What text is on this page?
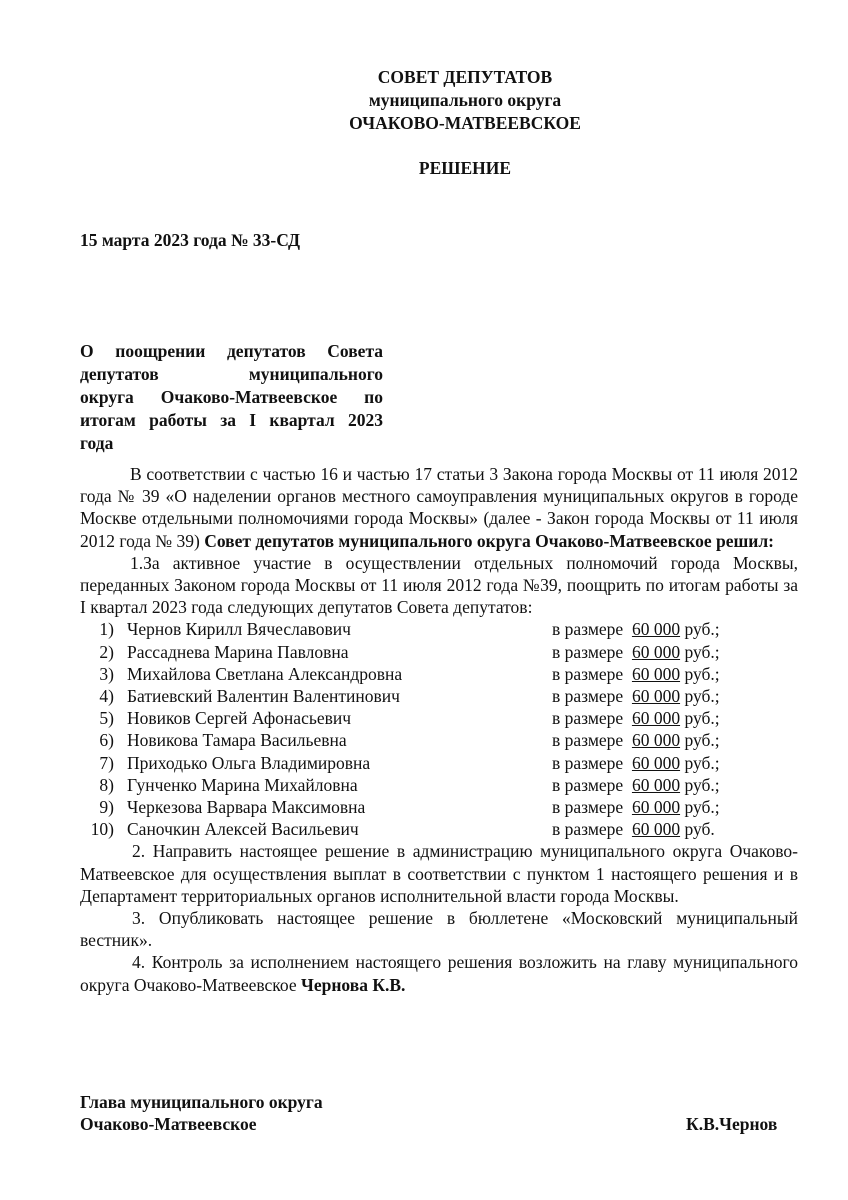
СОВЕТ ДЕПУТАТОВ
муниципального округа
ОЧАКОВО-МАТВЕЕВСКОЕ
РЕШЕНИЕ
15 марта 2023 года № 33-СД
О поощрении депутатов Совета
депутатов муниципального
округа Очаково-Матвеевское по
итогам работы за I квартал 2023
года

В соответствии с частью 16 и частью 17 статьи 3 Закона города Москвы от 11 июля 2012 года № 39 «О наделении органов местного самоуправления муниципальных округов в городе Москве отдельными полномочиями города Москвы» (далее - Закон города Москвы от 11 июля 2012 года № 39) Совет депутатов муниципального округа Очаково-Матвеевское решил:

1.За активное участие в осуществлении отдельных полномочий города Москвы, переданных Законом города Москвы от 11 июля 2012 года №39, поощрить по итогам работы за I квартал 2023 года следующих депутатов Совета депутатов:

1) Чернов Кирилл Вячеславович	в размере  60 000 руб.;
2) Рассаднева Марина Павловна	в размере  60 000 руб.;
3) Михайлова Светлана Александровна	в размере  60 000 руб.;
4) Батиевский Валентин Валентинович	в размере  60 000 руб.;
5) Новиков Сергей Афонасьевич	в размере  60 000 руб.;
6) Новикова Тамара Васильевна	в размере  60 000 руб.;
7) Приходько Ольга Владимировна	в размере  60 000 руб.;
8) Гунченко Марина Михайловна	в размере  60 000 руб.;
9) Черкезова Варвара Максимовна	в размере  60 000 руб.;
10) Саночкин Алексей Васильевич	в размере  60 000 руб.

2. Направить настоящее решение в администрацию муниципального округа Очаково-Матвеевское для осуществления выплат в соответствии с пунктом 1 настоящего решения и в Департамент территориальных органов исполнительной власти города Москвы.

3. Опубликовать настоящее решение в бюллетене «Московский муниципальный вестник».

4. Контроль за исполнением настоящего решения возложить на главу муниципального округа Очаково-Матвеевское Чернова К.В.

Глава муниципального округа
Очаково-Матвеевское	К.В.Чернов
